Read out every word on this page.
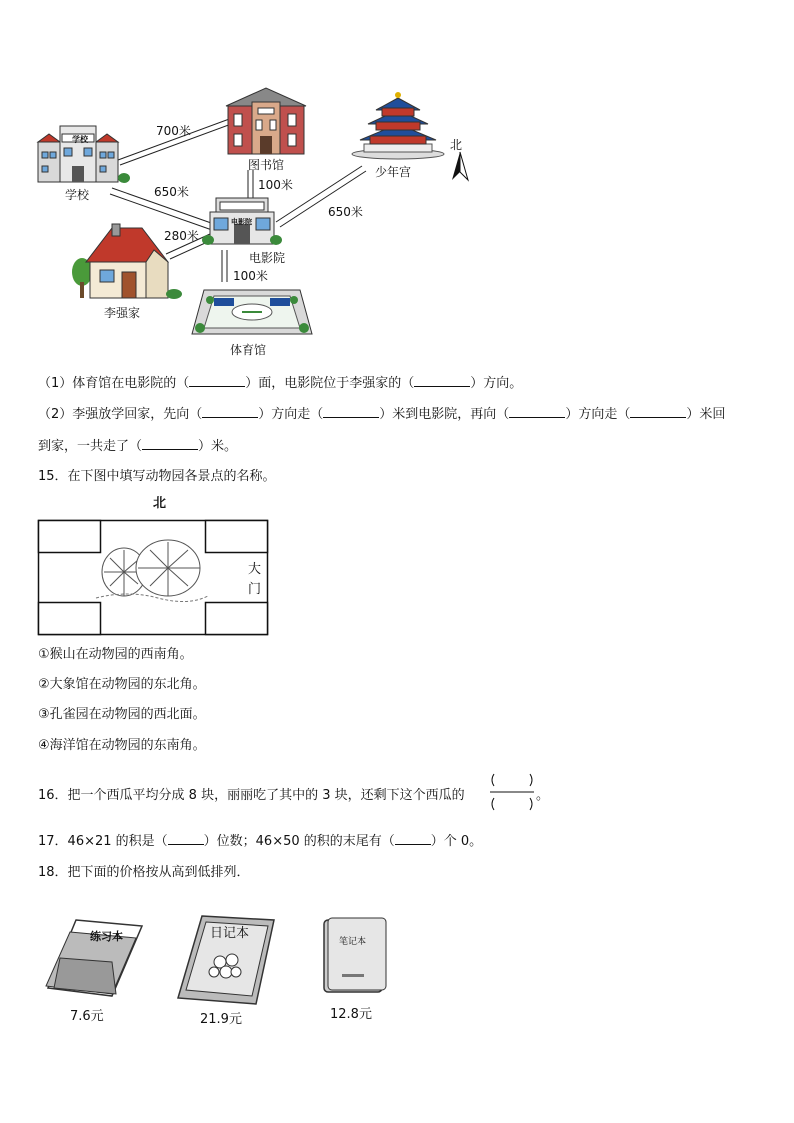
学校	北
电影院
学校
图书馆	少年宫
电影院
李强家
体育馆
700米
650米	100米
650米
280米
100米
（1）体育馆在电影院的（	）面，电影院位于李强家的（	）方向。
（2）李强放学回家，先向（	）方向走（	）米到电影院，再向（	）方向走（	）米回
到家，一共走了（	）米。
15．在下图中填写动物园各景点的名称。
北
大门
①猴山在动物园的西南角。
②大象馆在动物园的东北角。
③孔雀园在动物园的西北面。
④海洋馆在动物园的东南角。
16．把一个西瓜平均分成 8 块，丽丽吃了其中的 3 块，还剩下这个西瓜的	。
17．46×21 的积是（	）位数；46×50 的积的末尾有（	）个 0。
18．把下面的价格按从高到低排列．
练习本
7.6元
日记本
21.9元
笔记本
12.8元
